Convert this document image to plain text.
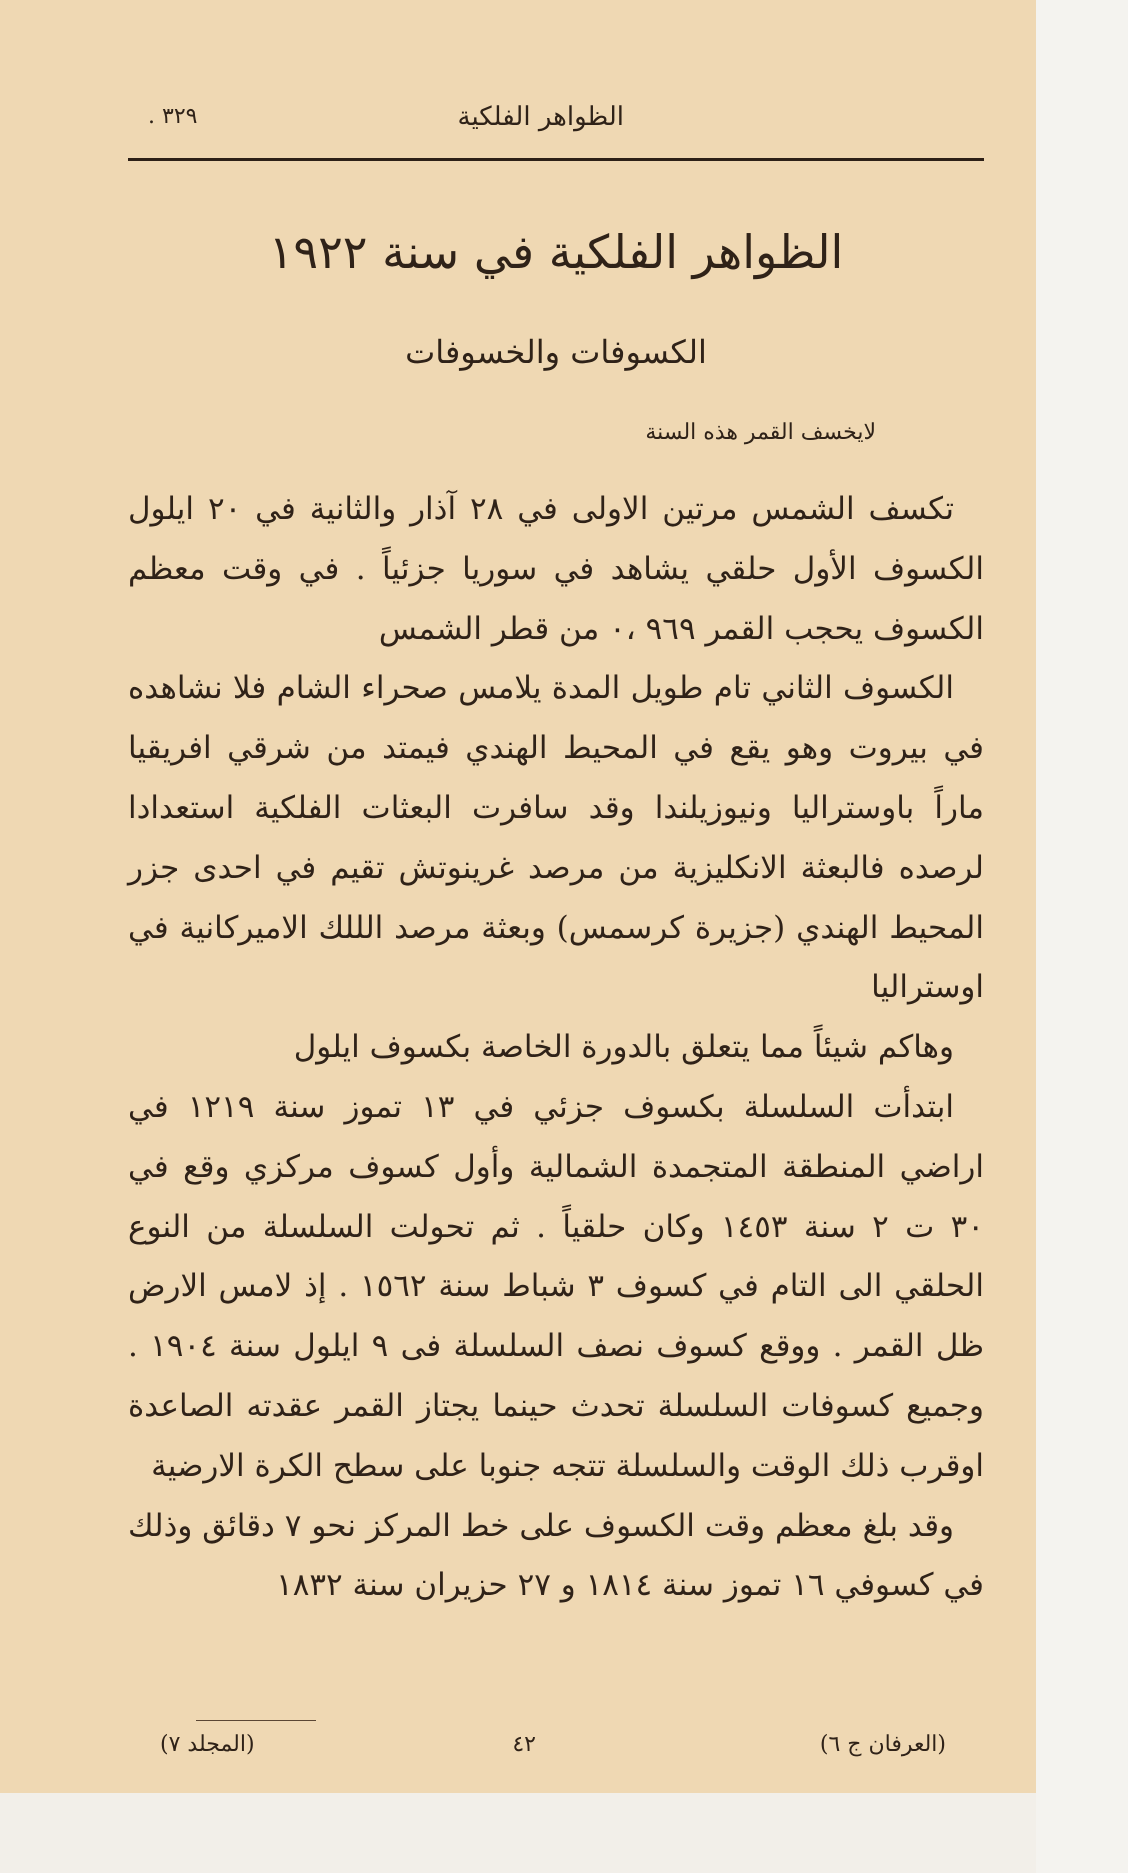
الظواهر الفلكية
٣٢٩ .
الظواهر الفلكية في سنة ١٩٢٢
الكسوفات والخسوفات
لايخسف القمر هذه السنة

تكسف الشمس مرتين الاولى في ٢٨ آذار والثانية في ٢٠ ايلول الكسوف الأول حلقي يشاهد في سوريا جزئياً . في وقت معظم الكسوف يحجب القمر ٩٦٩ ،٠ من قطر الشمس

الكسوف الثاني تام طويل المدة يلامس صحراء الشام فلا نشاهده في بيروت وهو يقع في المحيط الهندي فيمتد من شرقي افريقيا ماراً باوستراليا ونيوزيلندا وقد سافرت البعثات الفلكية استعدادا لرصده فالبعثة الانكليزية من مرصد غرينوتش تقيم في احدى جزر المحيط الهندي (جزيرة كرسمس) وبعثة مرصد الللك الاميركانية في اوستراليا

وهاكم شيئاً مما يتعلق بالدورة الخاصة بكسوف ايلول

ابتدأت السلسلة بكسوف جزئي في ١٣ تموز سنة ١٢١٩ في اراضي المنطقة المتجمدة الشمالية وأول كسوف مركزي وقع في ٣٠ ت ٢ سنة ١٤٥٣ وكان حلقياً . ثم تحولت السلسلة من النوع الحلقي الى التام في كسوف ٣ شباط سنة ١٥٦٢ . إذ لامس الارض ظل القمر . ووقع كسوف نصف السلسلة فى ٩ ايلول سنة ١٩٠٤ . وجميع كسوفات السلسلة تحدث حينما يجتاز القمر عقدته الصاعدة اوقرب ذلك الوقت والسلسلة تتجه جنوبا على سطح الكرة الارضية

وقد بلغ معظم وقت الكسوف على خط المركز نحو ٧ دقائق وذلك في كسوفي ١٦ تموز سنة ١٨١٤ و ٢٧ حزيران سنة ١٨٣٢

(العرفان ج ٦)
٤٢
(المجلد ٧)
